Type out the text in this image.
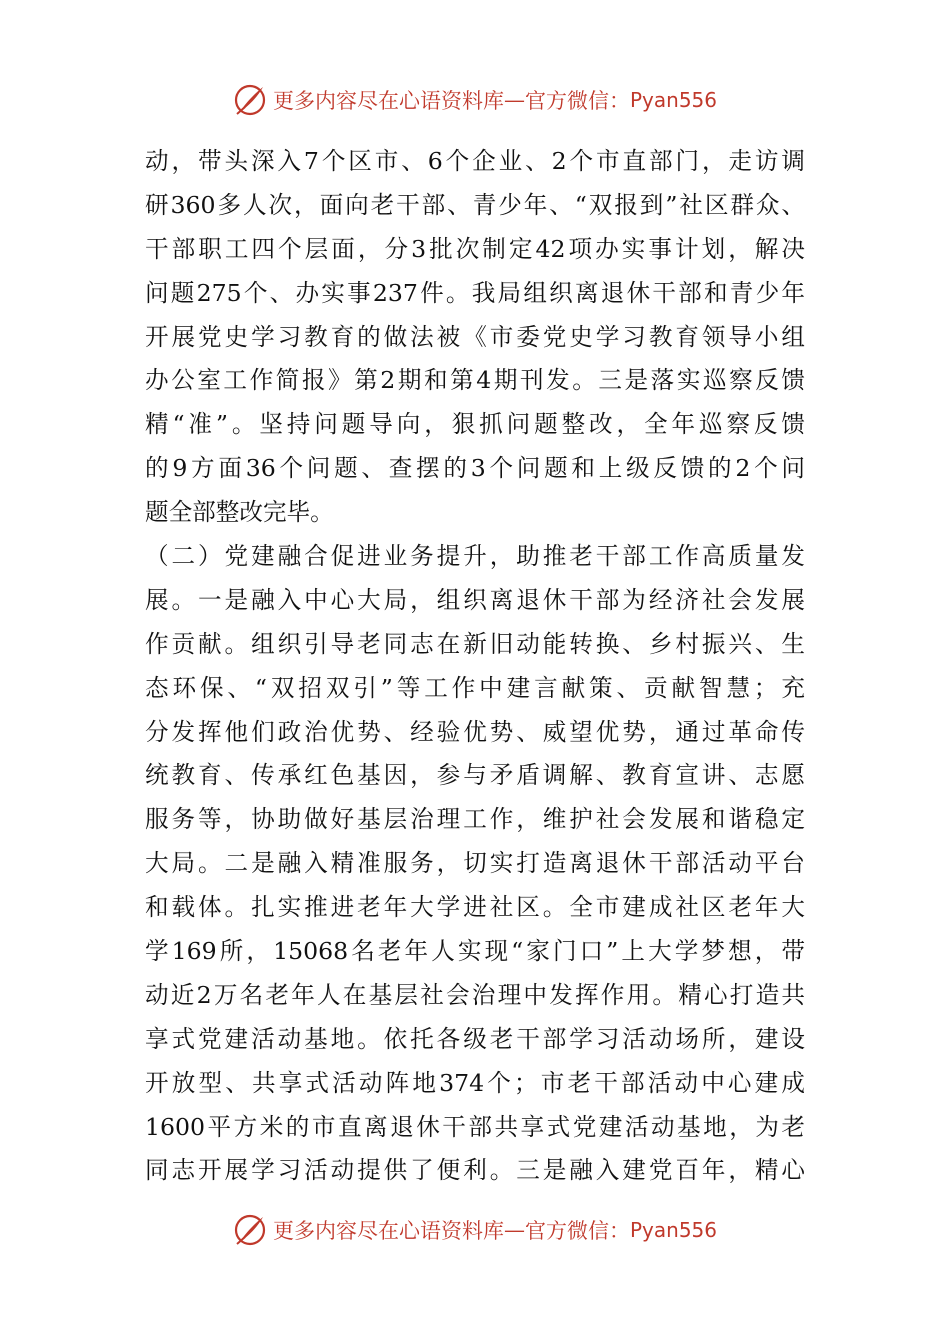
更多内容尽在心语资料库 — 官方微信： Pyan556
动，带头深入7个区市、6个企业、2个市直部门，走访调
研360多人次，面向老干部、青少年、“双报到”社区群众、
干部职工四个层面，分3批次制定42项办实事计划，解决
问题275个、办实事237件。我局组织离退休干部和青少年
开展党史学习教育的做法被《市委党史学习教育领导小组
办公室工作简报》第2期和第4期刊发。三是落实巡察反馈
精“准”。坚持问题导向，狠抓问题整改，全年巡察反馈
的9方面36个问题、查摆的3个问题和上级反馈的2个问
题全部整改完毕。
（二）党建融合促进业务提升，助推老干部工作高质量发
展。一是融入中心大局，组织离退休干部为经济社会发展
作贡献。组织引导老同志在新旧动能转换、乡村振兴、生
态环保、“双招双引”等工作中建言献策、贡献智慧；充
分发挥他们政治优势、经验优势、威望优势，通过革命传
统教育、传承红色基因，参与矛盾调解、教育宣讲、志愿
服务等，协助做好基层治理工作，维护社会发展和谐稳定
大局。二是融入精准服务，切实打造离退休干部活动平台
和载体。扎实推进老年大学进社区。全市建成社区老年大
学169所，15068名老年人实现“家门口”上大学梦想，带
动近2万名老年人在基层社会治理中发挥作用。精心打造共
享式党建活动基地。依托各级老干部学习活动场所，建设
开放型、共享式活动阵地374个；市老干部活动中心建成
1600平方米的市直离退休干部共享式党建活动基地，为老
同志开展学习活动提供了便利。三是融入建党百年，精心
更多内容尽在心语资料库 — 官方微信： Pyan556
